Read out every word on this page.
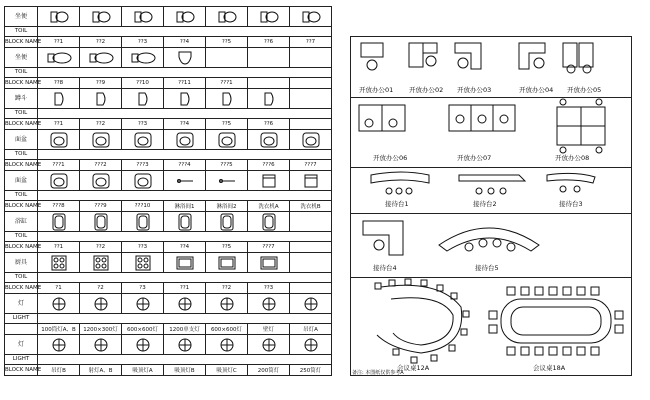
坐便	

TOIL							
BLOCK NAME	??1	??2	??3	??4	??5	??6	??7
坐便	

TOIL							
BLOCK NAME	??8	??9	??10	??11	???1		
蹲斗	

TOIL							
BLOCK NAME	??1	??2	??3	??4	??5	??6	
面盆	

TOIL							
BLOCK NAME	???1	???2	???3	???4	???5	???6	???7
面盆	

TOIL							
BLOCK NAME	???8	???9	???10	淋浴间1	淋浴间2	洗衣机A	洗衣机B
浴缸	

TOIL							
BLOCK NAME	??1	??2	??3	??4	??5	???7	
厨具	

TOIL							
BLOCK NAME	?1	?2	?3	??1	??2	??3	
灯	

LIGHT							
	100筒灯A、B	1200×300灯	600×600灯	1200单支灯	600×600灯	壁灯	吊灯A
灯	

LIGHT							
BLOCK NAME	吊灯B	射灯A、B	吸顶灯A	吸顶灯B	吸顶灯C	200筒灯	250筒灯
开放办公01 开放办公02 开放办公03	开放办公04 开放办公05
开放办公06	开放办公07	开放办公08
接待台1	接待台2	接待台3
接待台4	接待台5
会议桌12A	会议桌18A
备注: 本图纸仅供参考A
